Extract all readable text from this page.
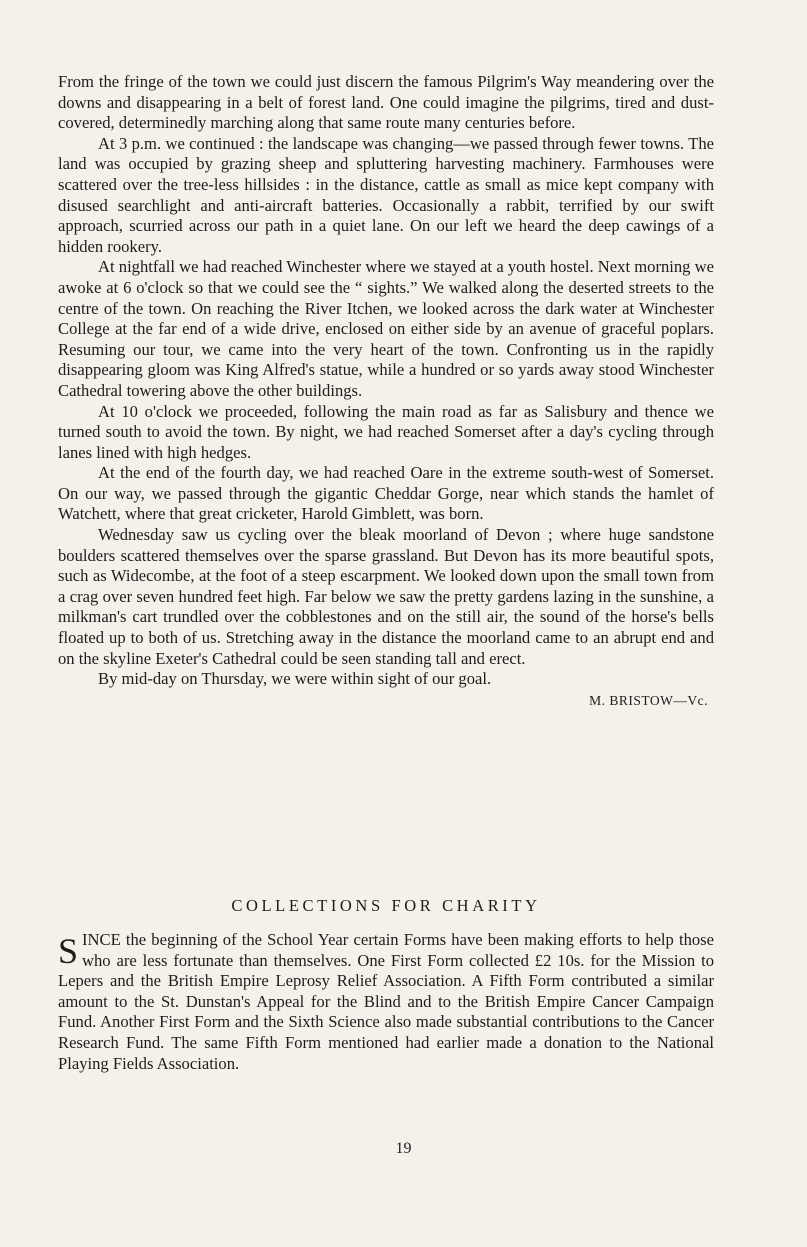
From the fringe of the town we could just discern the famous Pilgrim's Way meandering over the downs and disappearing in a belt of forest land. One could imagine the pilgrims, tired and dust-covered, determinedly marching along that same route many centuries before.

At 3 p.m. we continued : the landscape was changing—we passed through fewer towns. The land was occupied by grazing sheep and spluttering harvesting machinery. Farmhouses were scattered over the tree-less hillsides : in the distance, cattle as small as mice kept company with disused searchlight and anti-aircraft batteries. Occasionally a rabbit, terrified by our swift approach, scurried across our path in a quiet lane. On our left we heard the deep cawings of a hidden rookery.

At nightfall we had reached Winchester where we stayed at a youth hostel. Next morning we awoke at 6 o'clock so that we could see the “ sights.” We walked along the deserted streets to the centre of the town. On reaching the River Itchen, we looked across the dark water at Winchester College at the far end of a wide drive, enclosed on either side by an avenue of graceful poplars. Resuming our tour, we came into the very heart of the town. Confronting us in the rapidly disappearing gloom was King Alfred's statue, while a hundred or so yards away stood Winchester Cathedral towering above the other buildings.

At 10 o'clock we proceeded, following the main road as far as Salisbury and thence we turned south to avoid the town. By night, we had reached Somerset after a day's cycling through lanes lined with high hedges.

At the end of the fourth day, we had reached Oare in the extreme south-west of Somerset. On our way, we passed through the gigantic Cheddar Gorge, near which stands the hamlet of Watchett, where that great cricketer, Harold Gimblett, was born.

Wednesday saw us cycling over the bleak moorland of Devon ; where huge sandstone boulders scattered themselves over the sparse grassland. But Devon has its more beautiful spots, such as Widecombe, at the foot of a steep escarpment. We looked down upon the small town from a crag over seven hundred feet high. Far below we saw the pretty gardens lazing in the sunshine, a milkman's cart trundled over the cobblestones and on the still air, the sound of the horse's bells floated up to both of us. Stretching away in the distance the moorland came to an abrupt end and on the skyline Exeter's Cathedral could be seen standing tall and erect.

By mid-day on Thursday, we were within sight of our goal.

M. BRISTOW—Vc.
COLLECTIONS FOR CHARITY

SINCE the beginning of the School Year certain Forms have been making efforts to help those who are less fortunate than themselves. One First Form collected £2 10s. for the Mission to Lepers and the British Empire Leprosy Relief Association. A Fifth Form contributed a similar amount to the St. Dunstan's Appeal for the Blind and to the British Empire Cancer Campaign Fund. Another First Form and the Sixth Science also made substantial contributions to the Cancer Research Fund. The same Fifth Form mentioned had earlier made a donation to the National Playing Fields Association.

19
